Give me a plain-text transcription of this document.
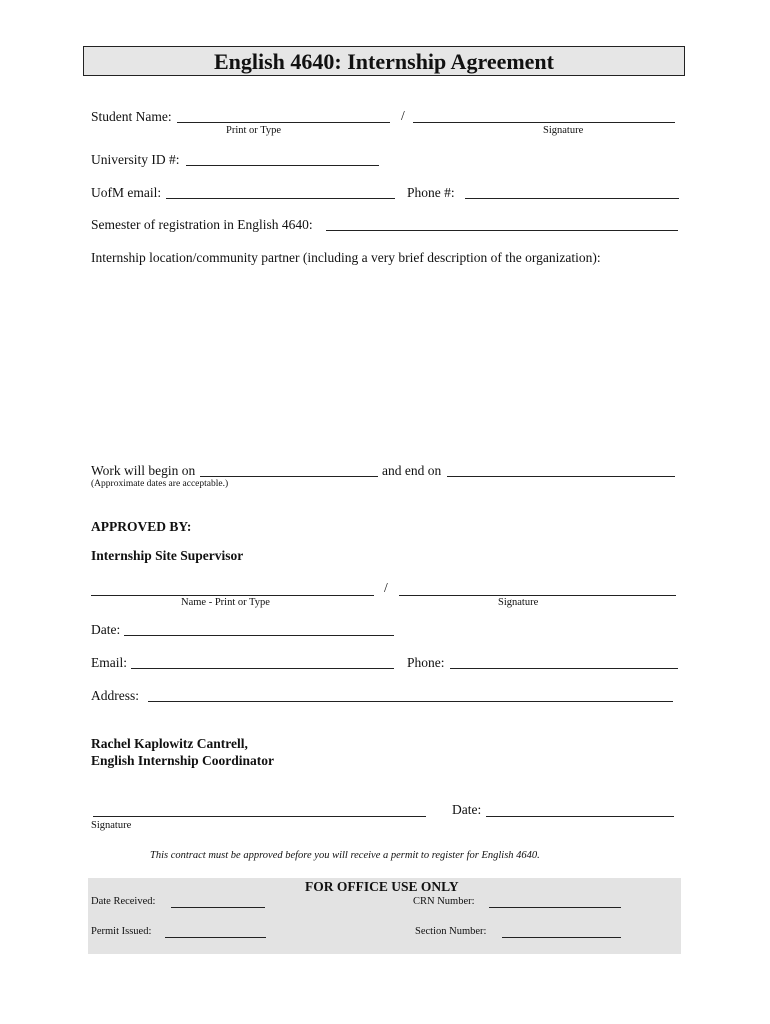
English 4640: Internship Agreement
Student Name:	/
Print or Type	Signature
University ID #:
UofM email:	Phone #:
Semester of registration in English 4640:
Internship location/community partner (including a very brief description of the organization):
Work will begin on	and end on
(Approximate dates are acceptable.)
APPROVED BY:
Internship Site Supervisor
/
Name - Print or Type	Signature
Date:
Email:	Phone:
Address:
Rachel Kaplowitz Cantrell,
English Internship Coordinator
Date:
Signature
This contract must be approved before you will receive a permit to register for English 4640.
FOR OFFICE USE ONLY
Date Received:	CRN Number:
Permit Issued:	Section Number:
